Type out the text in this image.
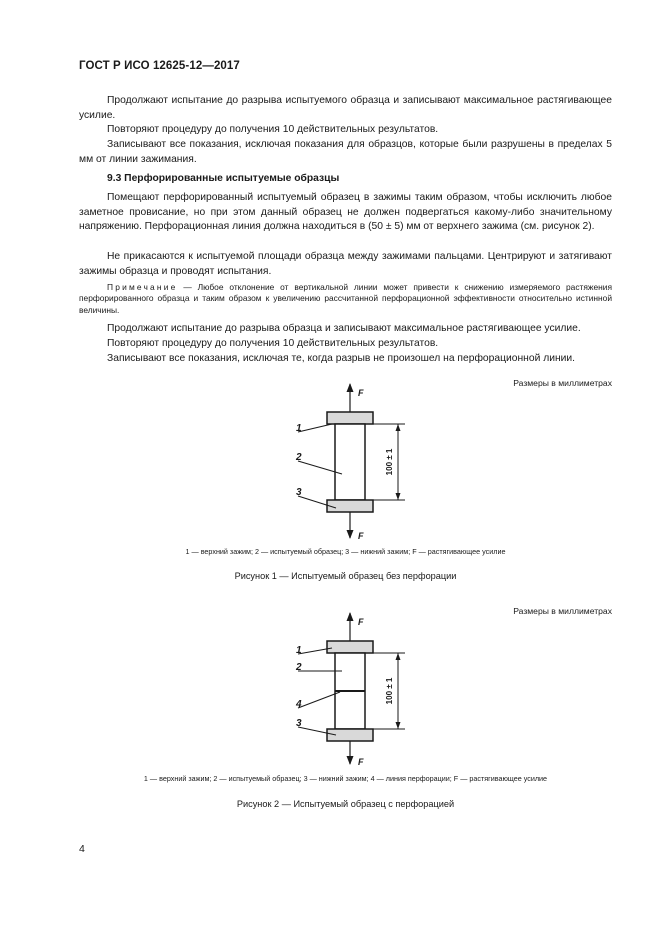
ГОСТ Р ИСО 12625-12—2017
Продолжают испытание до разрыва испытуемого образца и записывают максимальное растягивающее усилие.
Повторяют процедуру до получения 10 действительных результатов.
Записывают все показания, исключая показания для образцов, которые были разрушены в пределах 5 мм от линии зажимания.
9.3 Перфорированные испытуемые образцы
Помещают перфорированный испытуемый образец в зажимы таким образом, чтобы исключить любое заметное провисание, но при этом данный образец не должен подвергаться какому-либо значительному напряжению. Перфорационная линия должна находиться в (50 ± 5) мм от верхнего зажима (см. рисунок 2).
Не прикасаются к испытуемой площади образца между зажимами пальцами. Центрируют и затягивают зажимы образца и проводят испытания.
Примечание — Любое отклонение от вертикальной линии может привести к снижению измеряемого растяжения перфорированного образца и таким образом к увеличению рассчитанной перфорационной эффективности относительно истинной величины.
Продолжают испытание до разрыва образца и записывают максимальное растягивающее усилие.
Повторяют процедуру до получения 10 действительных результатов.
Записывают все показания, исключая те, когда разрыв не произошел на перфорационной линии.
Размеры в миллиметрах
F
F
1
2
3
100 ± 1
1 — верхний зажим; 2 — испытуемый образец; 3 — нижний зажим; F — растягивающее усилие
Рисунок 1 — Испытуемый образец без перфорации
Размеры в миллиметрах
F
F
1
2
4
3
100 ± 1
1 — верхний зажим; 2 — испытуемый образец; 3 — нижний зажим; 4 — линия перфорации; F — растягивающее усилие
Рисунок 2 — Испытуемый образец с перфорацией
4
